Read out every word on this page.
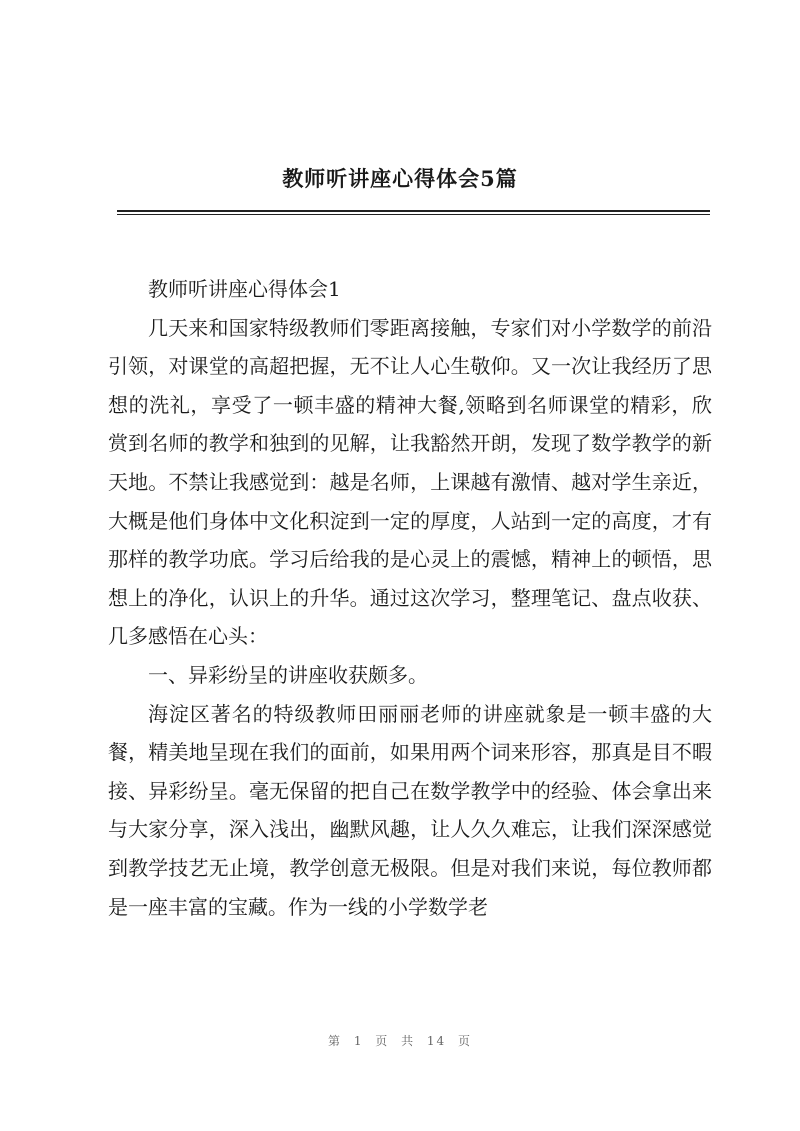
教师听讲座心得体会5篇

教师听讲座心得体会1

几天来和国家特级教师们零距离接触，专家们对小学数学的前沿引领，对课堂的高超把握，无不让人心生敬仰。又一次让我经历了思想的洗礼，享受了一顿丰盛的精神大餐,领略到名师课堂的精彩，欣赏到名师的教学和独到的见解，让我豁然开朗，发现了数学教学的新天地。不禁让我感觉到：越是名师，上课越有激情、越对学生亲近，大概是他们身体中文化积淀到一定的厚度，人站到一定的高度，才有那样的教学功底。学习后给我的是心灵上的震憾，精神上的顿悟，思想上的净化，认识上的升华。通过这次学习，整理笔记、盘点收获、几多感悟在心头：

一、异彩纷呈的讲座收获颇多。

海淀区著名的特级教师田丽丽老师的讲座就象是一顿丰盛的大餐，精美地呈现在我们的面前，如果用两个词来形容，那真是目不暇接、异彩纷呈。毫无保留的把自己在数学教学中的经验、体会拿出来与大家分享，深入浅出，幽默风趣，让人久久难忘，让我们深深感觉到教学技艺无止境，教学创意无极限。但是对我们来说，每位教师都是一座丰富的宝藏。作为一线的小学数学老

第 1 页 共 14 页
